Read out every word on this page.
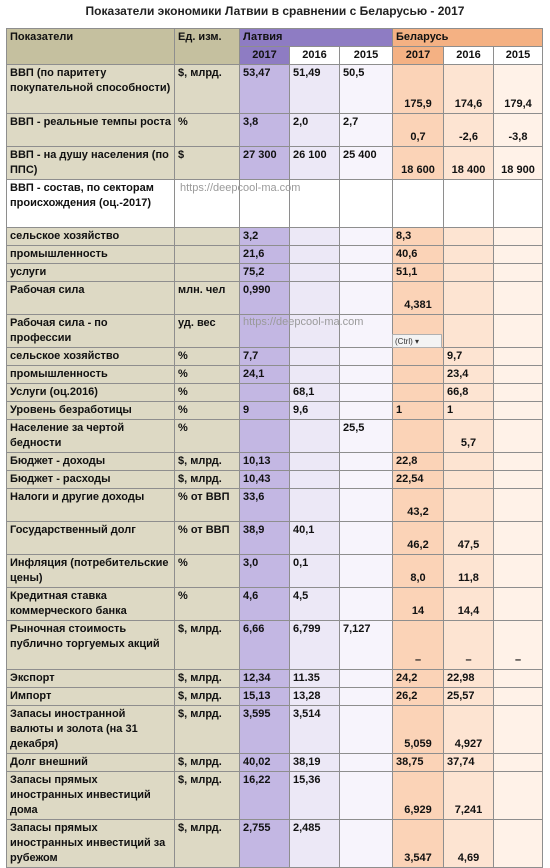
Показатели экономики Латвии в сравнении с Беларусью - 2017
Показатели	Ед. изм.	Латвия			Беларусь		
		2017	2016	2015	2017	2016	2015
ВВП (по паритету покупательной способности)	$, млрд.	53,47	51,49	50,5	175,9	174,6	179,4
ВВП - реальные темпы роста	%	3,8	2,0	2,7	0,7	-2,6	-3,8
ВВП - на душу населения (по ППС)	$	27 300	26 100	25 400	18 600	18 400	18 900
ВВП - состав, по секторам происхождения (оц.-2017)							
сельское хозяйство		3,2			8,3		
промышленность		21,6			40,6		
услуги		75,2			51,1		
Рабочая сила	млн. чел	0,990			4,381		
Рабочая сила - по профессии	уд. вес						
сельское хозяйство	%	7,7				9,7	
промышленность	%	24,1				23,4	
Услуги (оц.2016)	%		68,1			66,8	
Уровень безработицы	%	9	9,6		1	1	
Население за чертой бедности	%			25,5		5,7	
Бюджет - доходы	$, млрд.	10,13			22,8		
Бюджет - расходы	$, млрд.	10,43			22,54		
Налоги и другие доходы	% от ВВП	33,6			43,2		
Государственный долг	% от ВВП	38,9	40,1		46,2	47,5	
Инфляция (потребительские цены)	%	3,0	0,1		8,0	11,8	
Кредитная ставка коммерческого банка	%	4,6	4,5		14	14,4	
Рыночная стоимость публично торгуемых акций	$, млрд.	6,66	6,799	7,127	–	–	–
Экспорт	$, млрд.	12,34	11.35		24,2	22,98	
Импорт	$, млрд.	15,13	13,28		26,2	25,57	
Запасы иностранной валюты и золота (на 31 декабря)	$, млрд.	3,595	3,514		5,059	4,927	
Долг внешний	$, млрд.	40,02	38,19		38,75	37,74	
Запасы прямых иностранных инвестиций дома	$, млрд.	16,22	15,36		6,929	7,241	
Запасы прямых иностранных инвестиций за рубежом	$, млрд.	2,755	2,485		3,547	4,69	
https://deepcool-ma.com
https://deepcool-ma.com
(Ctrl) ▾
